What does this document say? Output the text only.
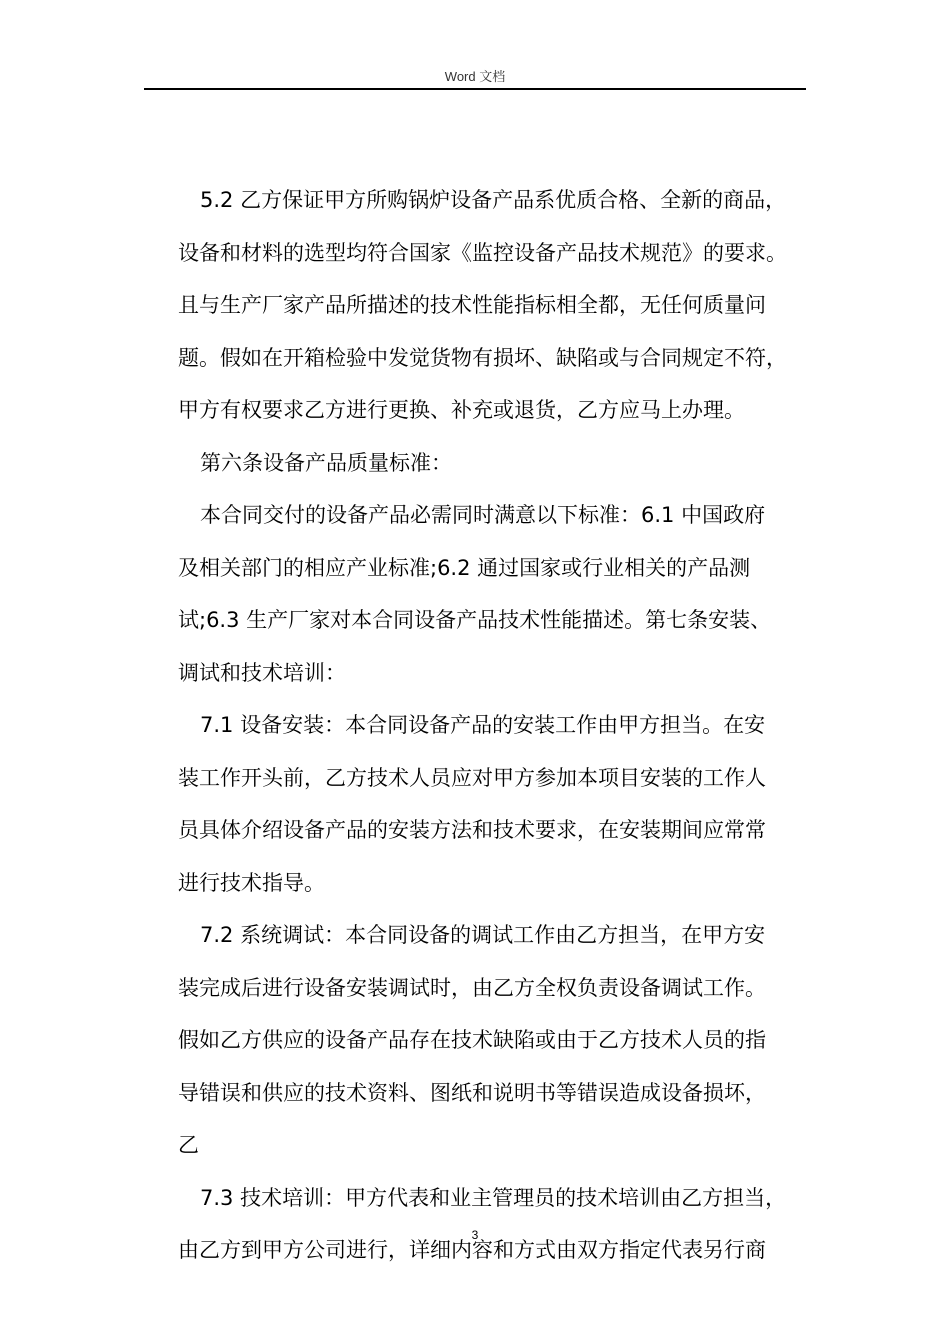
Word 文档
5.2 乙方保证甲方所购锅炉设备产品系优质合格、全新的商品，
设备和材料的选型均符合国家《监控设备产品技术规范》的要求。
且与生产厂家产品所描述的技术性能指标相全都，无任何质量问
题。假如在开箱检验中发觉货物有损坏、缺陷或与合同规定不符，
甲方有权要求乙方进行更换、补充或退货，乙方应马上办理。
第六条设备产品质量标准：
本合同交付的设备产品必需同时满意以下标准：6.1 中国政府
及相关部门的相应产业标准;6.2 通过国家或行业相关的产品测
试;6.3 生产厂家对本合同设备产品技术性能描述。第七条安装、
调试和技术培训：
7.1 设备安装：本合同设备产品的安装工作由甲方担当。在安
装工作开头前，乙方技术人员应对甲方参加本项目安装的工作人
员具体介绍设备产品的安装方法和技术要求，在安装期间应常常
进行技术指导。
7.2 系统调试：本合同设备的调试工作由乙方担当，在甲方安
装完成后进行设备安装调试时，由乙方全权负责设备调试工作。
假如乙方供应的设备产品存在技术缺陷或由于乙方技术人员的指
导错误和供应的技术资料、图纸和说明书等错误造成设备损坏，
乙
7.3 技术培训：甲方代表和业主管理员的技术培训由乙方担当，
由乙方到甲方公司进行，详细内容和方式由双方指定代表另行商
3
